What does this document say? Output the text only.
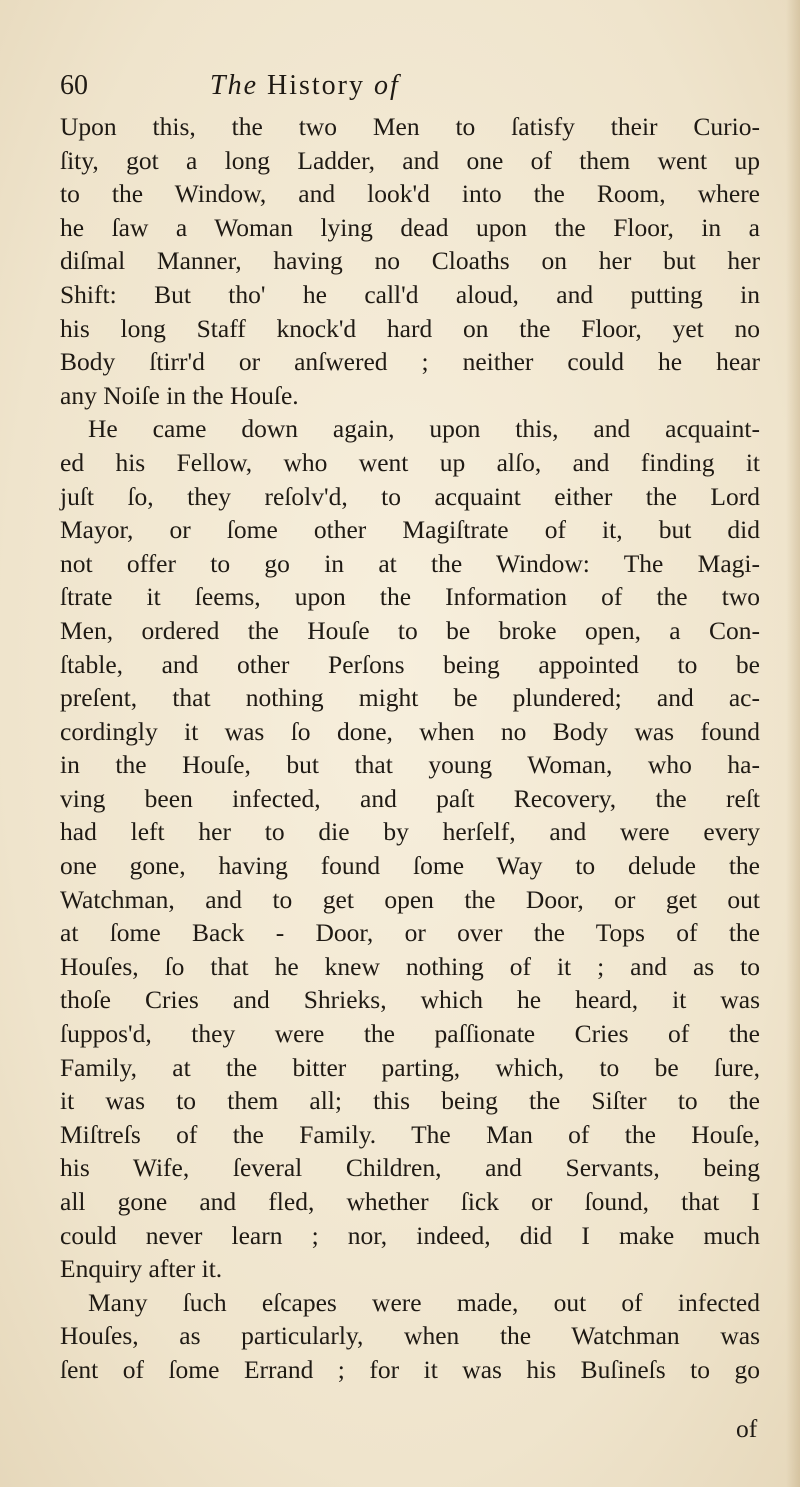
60	The History of
Upon this, the two Men to ſatisfy their Curio-
ſity, got a long Ladder, and one of them went up
to the Window, and look'd into the Room, where
he ſaw a Woman lying dead upon the Floor, in a
diſmal Manner, having no Cloaths on her but her
Shift: But tho' he call'd aloud, and putting in
his long Staff knock'd hard on the Floor, yet no
Body ſtirr'd or anſwered ; neither could he hear
any Noiſe in the Houſe.
He came down again, upon this, and acquaint-
ed his Fellow, who went up alſo, and finding it
juſt ſo, they reſolv'd, to acquaint either the Lord
Mayor, or ſome other Magiſtrate of it, but did
not offer to go in at the Window: The Magi-
ſtrate it ſeems, upon the Information of the two
Men, ordered the Houſe to be broke open, a Con-
ſtable, and other Perſons being appointed to be
preſent, that nothing might be plundered; and ac-
cordingly it was ſo done, when no Body was found
in the Houſe, but that young Woman, who ha-
ving been infected, and paſt Recovery, the reſt
had left her to die by herſelf, and were every
one gone, having found ſome Way to delude the
Watchman, and to get open the Door, or get out
at ſome Back - Door, or over the Tops of the
Houſes, ſo that he knew nothing of it ; and as to
thoſe Cries and Shrieks, which he heard, it was
ſuppos'd, they were the paſſionate Cries of the
Family, at the bitter parting, which, to be ſure,
it was to them all; this being the Siſter to the
Miſtreſs of the Family. The Man of the Houſe,
his Wife, ſeveral Children, and Servants, being
all gone and fled, whether ſick or ſound, that I
could never learn ; nor, indeed, did I make much
Enquiry after it.
Many ſuch eſcapes were made, out of infected
Houſes, as particularly, when the Watchman was
ſent of ſome Errand ; for it was his Buſineſs to go
of
